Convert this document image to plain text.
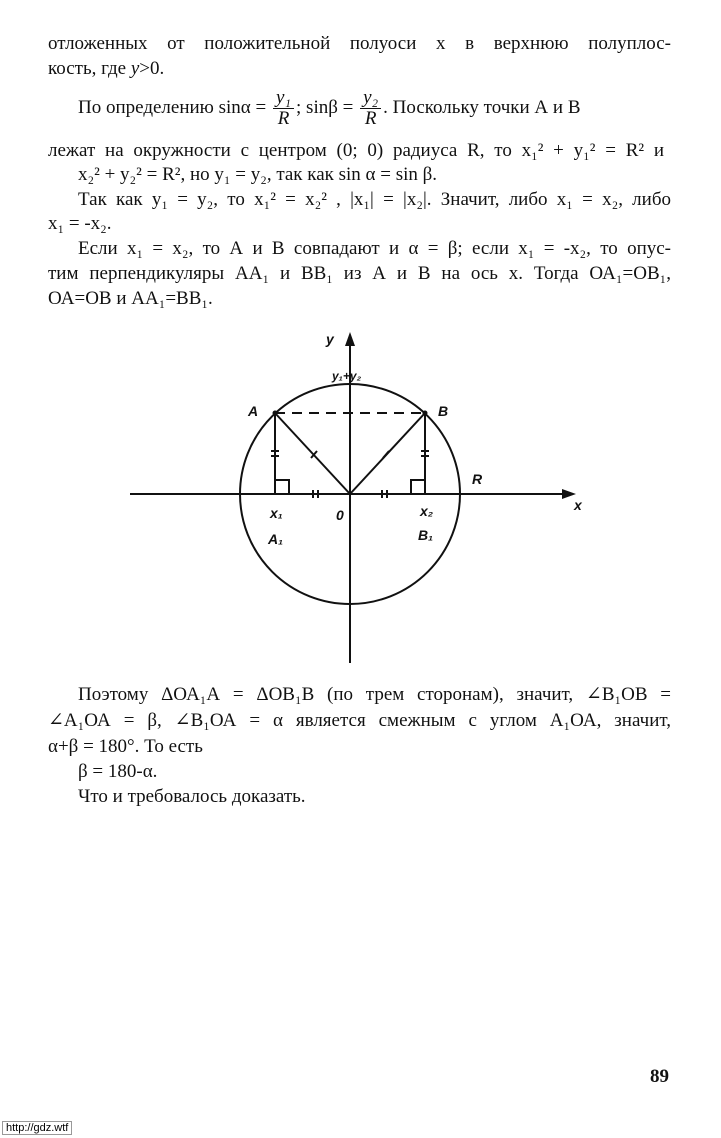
отложенных от положительной полуоси х в верхнюю полуплос-
кость, где y>0.
По определению $\sin\alpha = \frac{\text{y₁}}{R}$ ; $\sin\beta = \frac{\text{y₂}}{R}$ . Поскольку точки А и В
лежат на окружности с центром (0; 0) радиуса R, то x₁² + y₁² = R² и
x₂² + y₂² = R², но y₁ = y₂, так как sin α = sin β.
Так как y₁ = y₂, то x₁² = x₂² , |x₁| = |x₂|. Значит, либо x₁ = x₂, либо
x₁ = -x₂.
Если x₁ = x₂, то А и В совпадают и α = β; если x₁ = -x₂, то опус-
тим перпендикуляры АА₁ и ВВ₁ из А и В на ось х. Тогда ОА₁=ОВ₁,
ОА=ОВ и АА₁=ВВ₁.
y
x
y₁+y₂
A	B
R
x₁	x₂
0
A₁	B₁
Поэтому ΔОА₁А = ΔОВ₁В (по трем сторонам), значит, ∠В₁ОВ =
∠А₁ОА = β, ∠В₁ОА = α является смежным с углом А₁ОА, значит,
α+β = 180°. То есть
β = 180-α.
Что и требовалось доказать.
89
http://gdz.wtf
